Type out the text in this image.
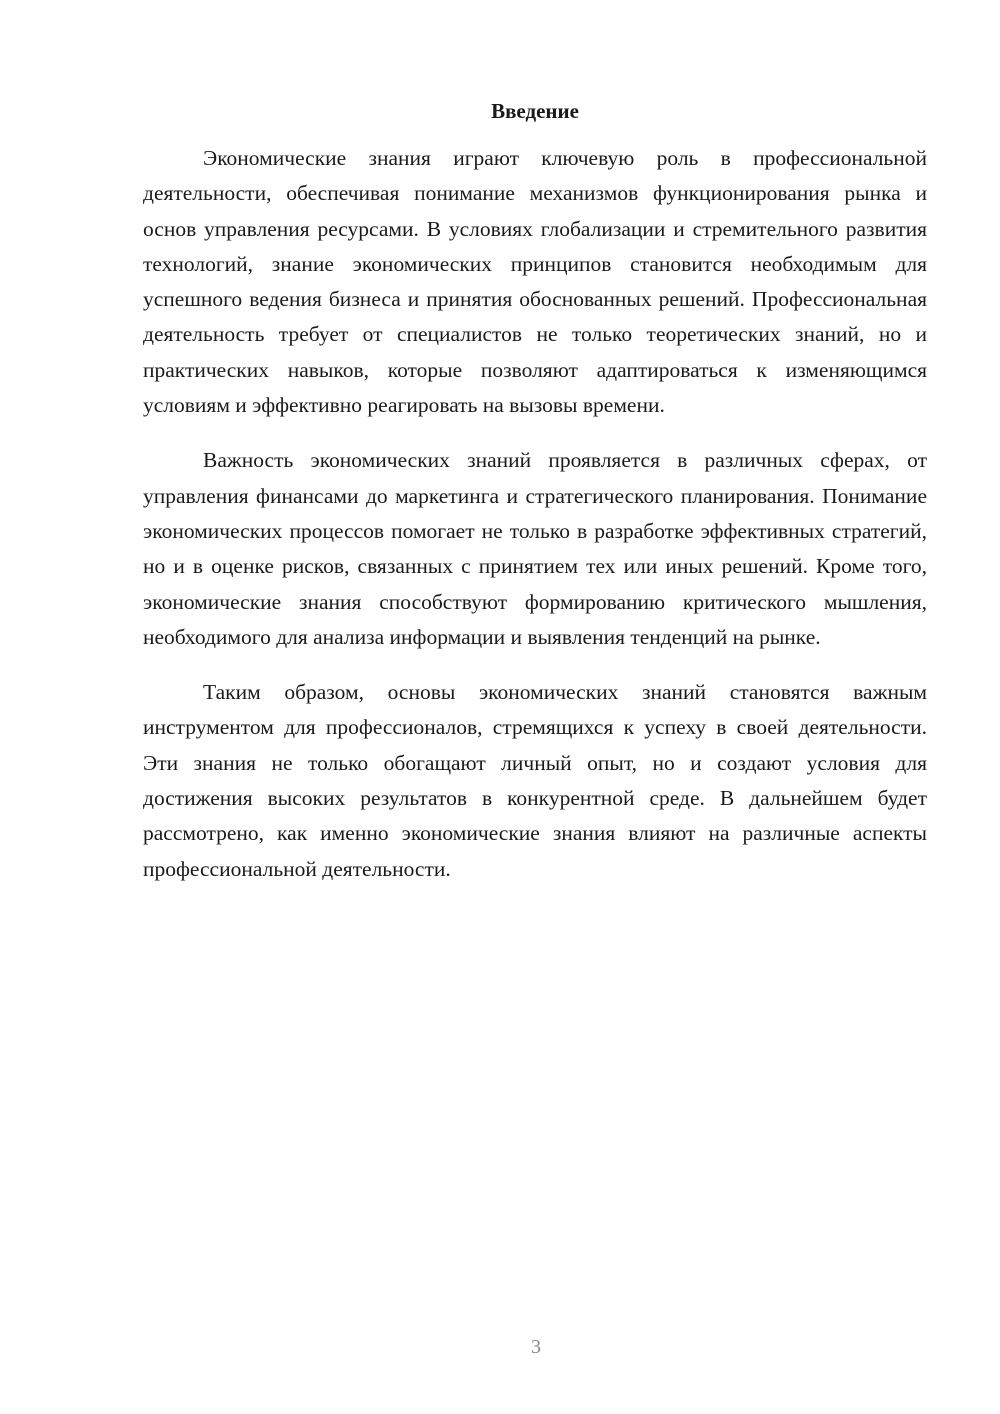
Введение

Экономические знания играют ключевую роль в профессиональной деятельности, обеспечивая понимание механизмов функционирования рынка и основ управления ресурсами. В условиях глобализации и стремительного развития технологий, знание экономических принципов становится необходимым для успешного ведения бизнеса и принятия обоснованных решений. Профессиональная деятельность требует от специалистов не только теоретических знаний, но и практических навыков, которые позволяют адаптироваться к изменяющимся условиям и эффективно реагировать на вызовы времени.

Важность экономических знаний проявляется в различных сферах, от управления финансами до маркетинга и стратегического планирования. Понимание экономических процессов помогает не только в разработке эффективных стратегий, но и в оценке рисков, связанных с принятием тех или иных решений. Кроме того, экономические знания способствуют формированию критического мышления, необходимого для анализа информации и выявления тенденций на рынке.

Таким образом, основы экономических знаний становятся важным инструментом для профессионалов, стремящихся к успеху в своей деятельности. Эти знания не только обогащают личный опыт, но и создают условия для достижения высоких результатов в конкурентной среде. В дальнейшем будет рассмотрено, как именно экономические знания влияют на различные аспекты профессиональной деятельности.

3
